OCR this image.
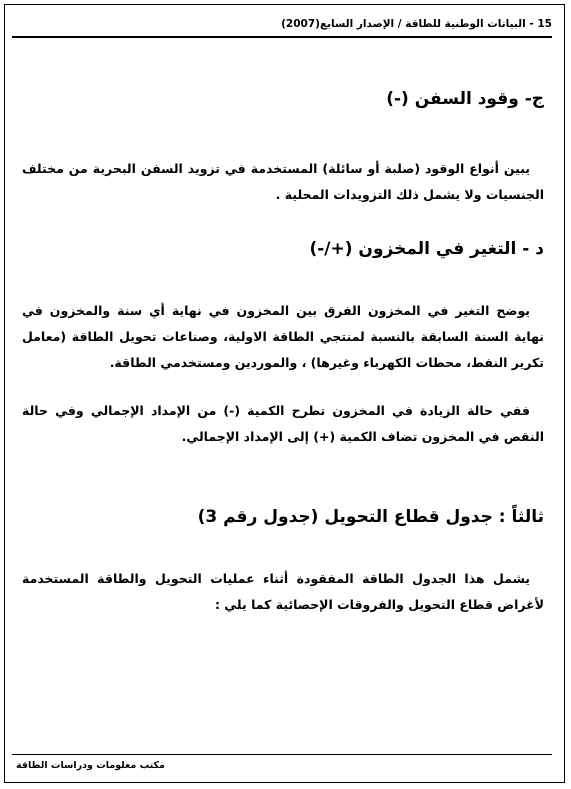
15 - البيانات الوطنية للطاقة / الإصدار السابع(2007)
ج- وقود السفن (-)

يبين أنواع الوقود (صلبة أو سائلة) المستخدمة في تزويد السفن البحرية من مختلف الجنسيات ولا يشمل ذلك التزويدات المحلية .

د - التغير في المخزون (+/-)

يوضح التغير في المخزون الفرق بين المخزون في نهاية أي سنة والمخزون في نهاية السنة السابقة بالنسبة لمنتجي الطاقة الاولية، وصناعات تحويل الطاقة (معامل تكرير النفط، محطات الكهرباء وغيرها) ، والموردين ومستخدمي الطاقة.

ففي حالة الزيادة في المخزون تطرح الكمية (-) من الإمداد الإجمالي وفي حالة النقص في المخزون تضاف الكمية (+) إلى الإمداد الإجمالي.

ثالثاً : جدول قطاع التحويل (جدول رقم 3)

يشمل هذا الجدول الطاقة المفقودة أثناء عمليات التحويل والطاقة المستخدمة لأغراض قطاع التحويل والفروقات الإحصائية كما يلي :

مكتب معلومات ودراسات الطاقة
